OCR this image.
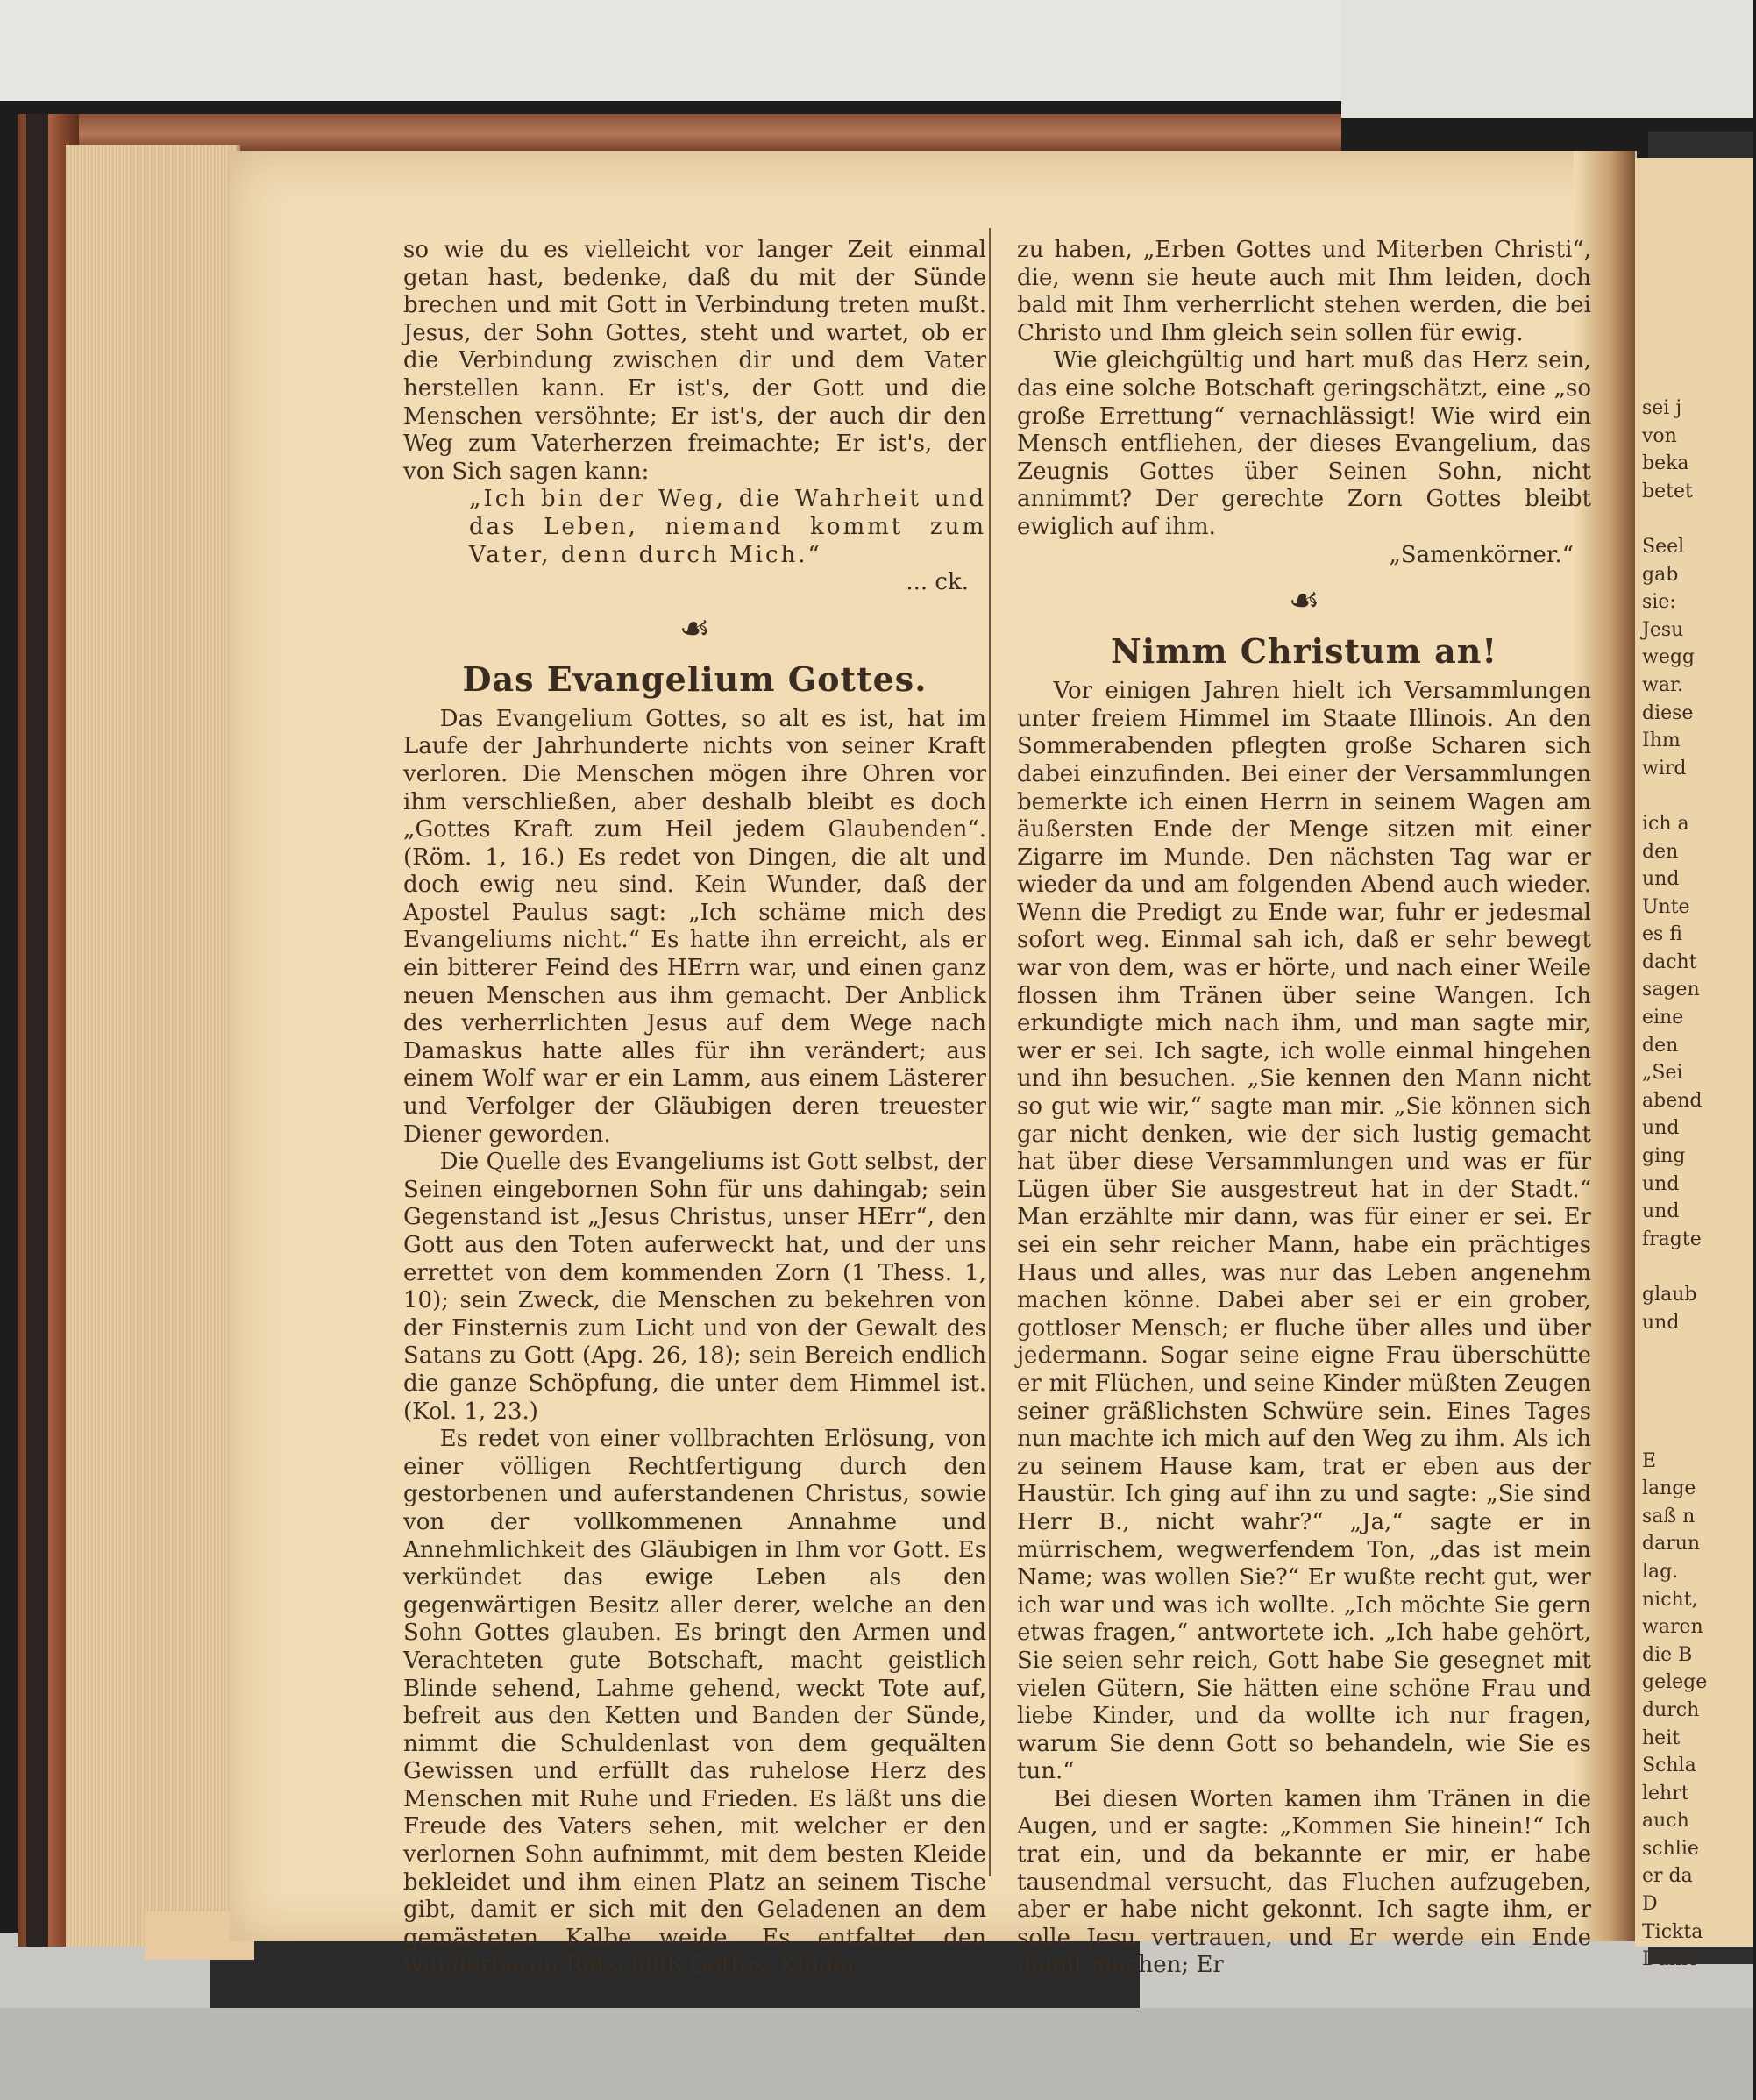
sei j
von
beka
betet
Seel
gab
sie:
Jesu
wegg
war.
diese
Ihm
wird
ich a
den
und
Unte
es fi
dacht
sagen
eine
den
„Sei
abend
und
ging
und
und
fragte
glaub
und
E
lange
saß n
darun
lag.
nicht,
waren
die B
gelege
durch
heit
Schla
lehrt
auch
schlie
er da
D
Tickta
Danie

so wie du es vielleicht vor langer Zeit einmal getan hast, bedenke, daß du mit der Sünde brechen und mit Gott in Verbindung treten mußt. Jesus, der Sohn Gottes, steht und wartet, ob er die Verbindung zwischen dir und dem Vater herstellen kann. Er ist's, der Gott und die Menschen versöhnte; Er ist's, der auch dir den Weg zum Vaterherzen freimachte; Er ist's, der von Sich sagen kann:

„Ich bin der Weg, die Wahrheit und das Leben, niemand kommt zum Vater, denn durch Mich.“

... ck.

☙
Das Evangelium Gottes.

Das Evangelium Gottes, so alt es ist, hat im Laufe der Jahrhunderte nichts von seiner Kraft verloren. Die Menschen mögen ihre Ohren vor ihm verschließen, aber deshalb bleibt es doch „Gottes Kraft zum Heil jedem Glaubenden“. (Röm. 1, 16.) Es redet von Dingen, die alt und doch ewig neu sind. Kein Wunder, daß der Apostel Paulus sagt: „Ich schäme mich des Evangeliums nicht.“ Es hatte ihn erreicht, als er ein bitterer Feind des HErrn war, und einen ganz neuen Menschen aus ihm gemacht. Der Anblick des verherrlichten Jesus auf dem Wege nach Damaskus hatte alles für ihn verändert; aus einem Wolf war er ein Lamm, aus einem Lästerer und Verfolger der Gläubigen deren treuester Diener geworden.

Die Quelle des Evangeliums ist Gott selbst, der Seinen eingebornen Sohn für uns dahingab; sein Gegenstand ist „Jesus Christus, unser HErr“, den Gott aus den Toten auferweckt hat, und der uns errettet von dem kommenden Zorn (1 Thess. 1, 10); sein Zweck, die Menschen zu bekehren von der Finsternis zum Licht und von der Gewalt des Satans zu Gott (Apg. 26, 18); sein Bereich endlich die ganze Schöpfung, die unter dem Himmel ist. (Kol. 1, 23.)

Es redet von einer vollbrachten Erlösung, von einer völligen Rechtfertigung durch den gestorbenen und auferstandenen Christus, sowie von der vollkommenen Annahme und Annehmlichkeit des Gläubigen in Ihm vor Gott. Es verkündet das ewige Leben als den gegenwärtigen Besitz aller derer, welche an den Sohn Gottes glauben. Es bringt den Armen und Verachteten gute Botschaft, macht geistlich Blinde sehend, Lahme gehend, weckt Tote auf, befreit aus den Ketten und Banden der Sünde, nimmt die Schuldenlast von dem gequälten Gewissen und erfüllt das ruhelose Herz des Menschen mit Ruhe und Frieden. Es läßt uns die Freude des Vaters sehen, mit welcher er den verlornen Sohn aufnimmt, mit dem besten Kleide bekleidet und ihm einen Platz an seinem Tische gibt, damit er sich mit den Geladenen an dem gemästeten Kalbe weide. Es entfaltet den wunderbaren Ratschluß Gottes, Kinder

zu haben, „Erben Gottes und Miterben Christi“, die, wenn sie heute auch mit Ihm leiden, doch bald mit Ihm verherrlicht stehen werden, die bei Christo und Ihm gleich sein sollen für ewig.

Wie gleichgültig und hart muß das Herz sein, das eine solche Botschaft geringschätzt, eine „so große Errettung“ vernachlässigt! Wie wird ein Mensch entfliehen, der dieses Evangelium, das Zeugnis Gottes über Seinen Sohn, nicht annimmt? Der gerechte Zorn Gottes bleibt ewiglich auf ihm.

„Samenkörner.“

☙
Nimm Christum an!

Vor einigen Jahren hielt ich Versammlungen unter freiem Himmel im Staate Illinois. An den Sommerabenden pflegten große Scharen sich dabei einzufinden. Bei einer der Versammlungen bemerkte ich einen Herrn in seinem Wagen am äußersten Ende der Menge sitzen mit einer Zigarre im Munde. Den nächsten Tag war er wieder da und am folgenden Abend auch wieder. Wenn die Predigt zu Ende war, fuhr er jedesmal sofort weg. Einmal sah ich, daß er sehr bewegt war von dem, was er hörte, und nach einer Weile flossen ihm Tränen über seine Wangen. Ich erkundigte mich nach ihm, und man sagte mir, wer er sei. Ich sagte, ich wolle einmal hingehen und ihn besuchen. „Sie kennen den Mann nicht so gut wie wir,“ sagte man mir. „Sie können sich gar nicht denken, wie der sich lustig gemacht hat über diese Versammlungen und was er für Lügen über Sie ausgestreut hat in der Stadt.“ Man erzählte mir dann, was für einer er sei. Er sei ein sehr reicher Mann, habe ein prächtiges Haus und alles, was nur das Leben angenehm machen könne. Dabei aber sei er ein grober, gottloser Mensch; er fluche über alles und über jedermann. Sogar seine eigne Frau überschütte er mit Flüchen, und seine Kinder müßten Zeugen seiner gräßlichsten Schwüre sein. Eines Tages nun machte ich mich auf den Weg zu ihm. Als ich zu seinem Hause kam, trat er eben aus der Haustür. Ich ging auf ihn zu und sagte: „Sie sind Herr B., nicht wahr?“ „Ja,“ sagte er in mürrischem, wegwerfendem Ton, „das ist mein Name; was wollen Sie?“ Er wußte recht gut, wer ich war und was ich wollte. „Ich möchte Sie gern etwas fragen,“ antwortete ich. „Ich habe gehört, Sie seien sehr reich, Gott habe Sie gesegnet mit vielen Gütern, Sie hätten eine schöne Frau und liebe Kinder, und da wollte ich nur fragen, warum Sie denn Gott so behandeln, wie Sie es tun.“

Bei diesen Worten kamen ihm Tränen in die Augen, und er sagte: „Kommen Sie hinein!“ Ich trat ein, und da bekannte er mir, er habe tausendmal versucht, das Fluchen aufzugeben, aber er habe nicht gekonnt. Ich sagte ihm, er solle Jesu vertrauen, und Er werde ein Ende damit machen; Er
